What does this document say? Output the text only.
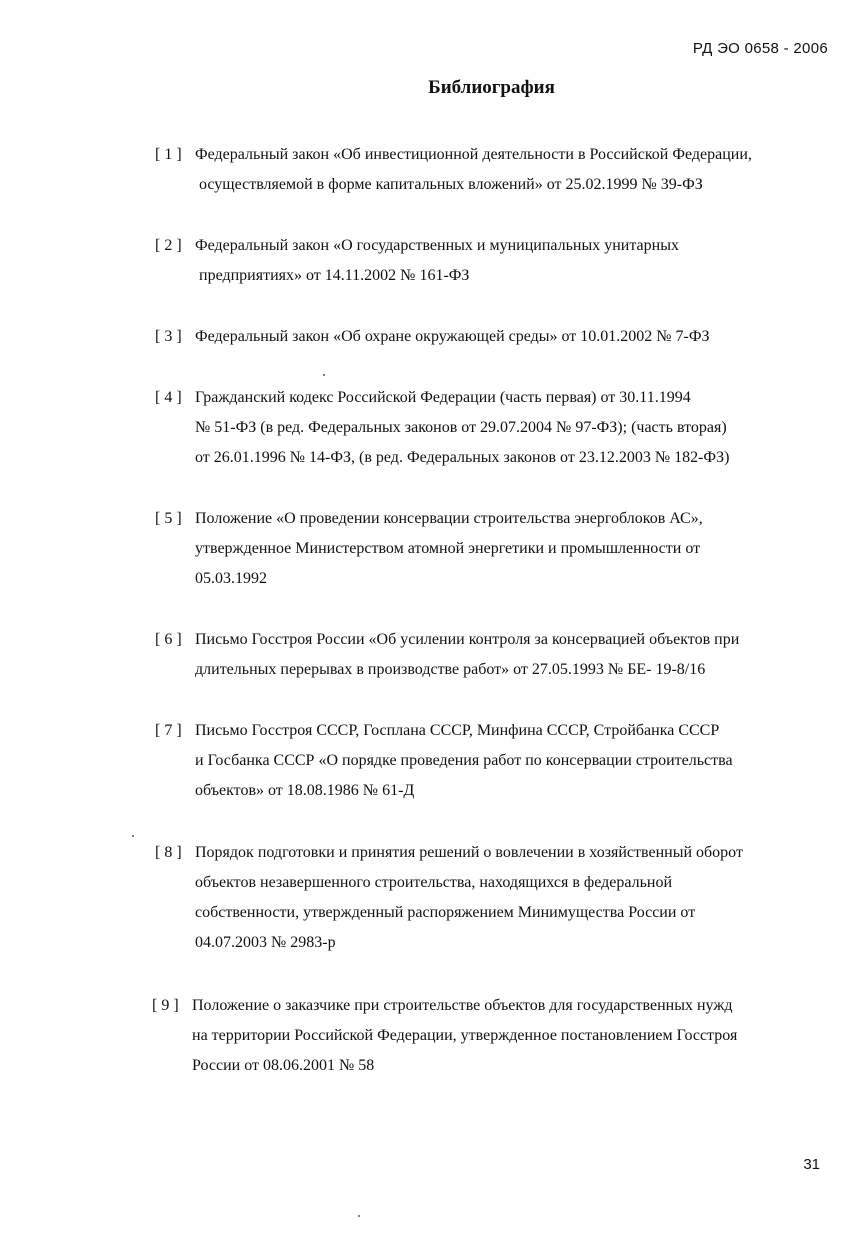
РД ЭО 0658 - 2006
Библиография
[ 1 ] Федеральный закон «Об инвестиционной деятельности в Российской Федерации,
осуществляемой в форме капитальных вложений» от 25.02.1999 № 39-ФЗ
[ 2 ] Федеральный закон «О государственных и муниципальных унитарных
предприятиях» от 14.11.2002 № 161-ФЗ
[ 3 ] Федеральный закон «Об охране окружающей среды» от 10.01.2002 № 7-ФЗ
[ 4 ] Гражданский кодекс Российской Федерации (часть первая) от 30.11.1994
№ 51-ФЗ (в ред. Федеральных законов от 29.07.2004 № 97-ФЗ); (часть вторая)
от 26.01.1996 № 14-ФЗ, (в ред. Федеральных законов от 23.12.2003 № 182-ФЗ)
[ 5 ] Положение «О проведении консервации строительства энергоблоков АС»,
утвержденное Министерством атомной энергетики и промышленности от
05.03.1992
[ 6 ] Письмо Госстроя России «Об усилении контроля за консервацией объектов при
длительных перерывах в производстве работ» от 27.05.1993 № БЕ- 19-8/16
[ 7 ] Письмо Госстроя СССР, Госплана СССР, Минфина СССР, Стройбанка СССР
и Госбанка СССР «О порядке проведения работ по консервации строительства
объектов» от 18.08.1986 № 61-Д
[ 8 ] Порядок подготовки и принятия решений о вовлечении в хозяйственный оборот
объектов незавершенного строительства, находящихся в федеральной
собственности, утвержденный распоряжением Минимущества России от
04.07.2003 № 2983-р
[ 9 ] Положение о заказчике при строительстве объектов для государственных нужд
на территории Российской Федерации, утвержденное постановлением Госстроя
России от 08.06.2001 № 58
31
